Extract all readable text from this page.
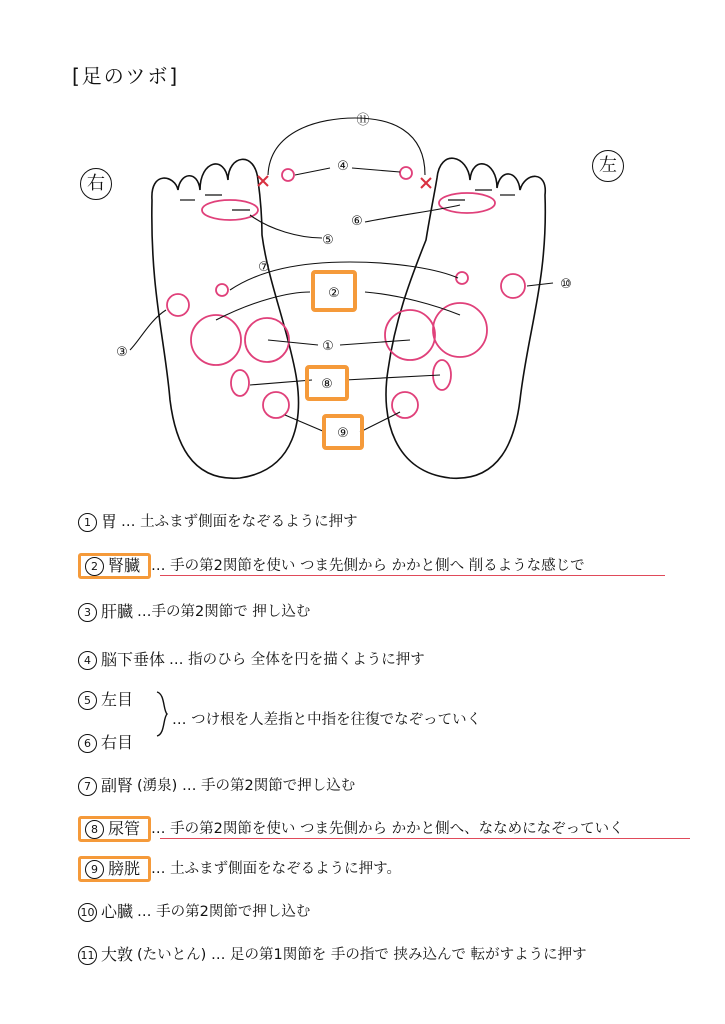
[足のツボ]
右
左
⑪
④
⑥
⑤
⑦
②
⑩
③	①
⑧
⑨
1 胃 … 土ふまず側面をなぞるように押す
2 腎臓 … 手の第2関節を使い つま先側から かかと側へ 削るような感じで
3 肝臓 …手の第2関節で 押し込む
4 脳下垂体 … 指のひら 全体を円を描くように押す
5 左目
6 右目
… つけ根を人差指と中指を往復でなぞっていく
7 副腎 (湧泉) … 手の第2関節で押し込む
8 尿管 … 手の第2関節を使い つま先側から かかと側へ、ななめになぞっていく
9 膀胱 … 土ふまず側面をなぞるように押す。
10 心臓 … 手の第2関節で押し込む
11 大敦 (たいとん) … 足の第1関節を 手の指で 挟み込んで 転がすように押す
